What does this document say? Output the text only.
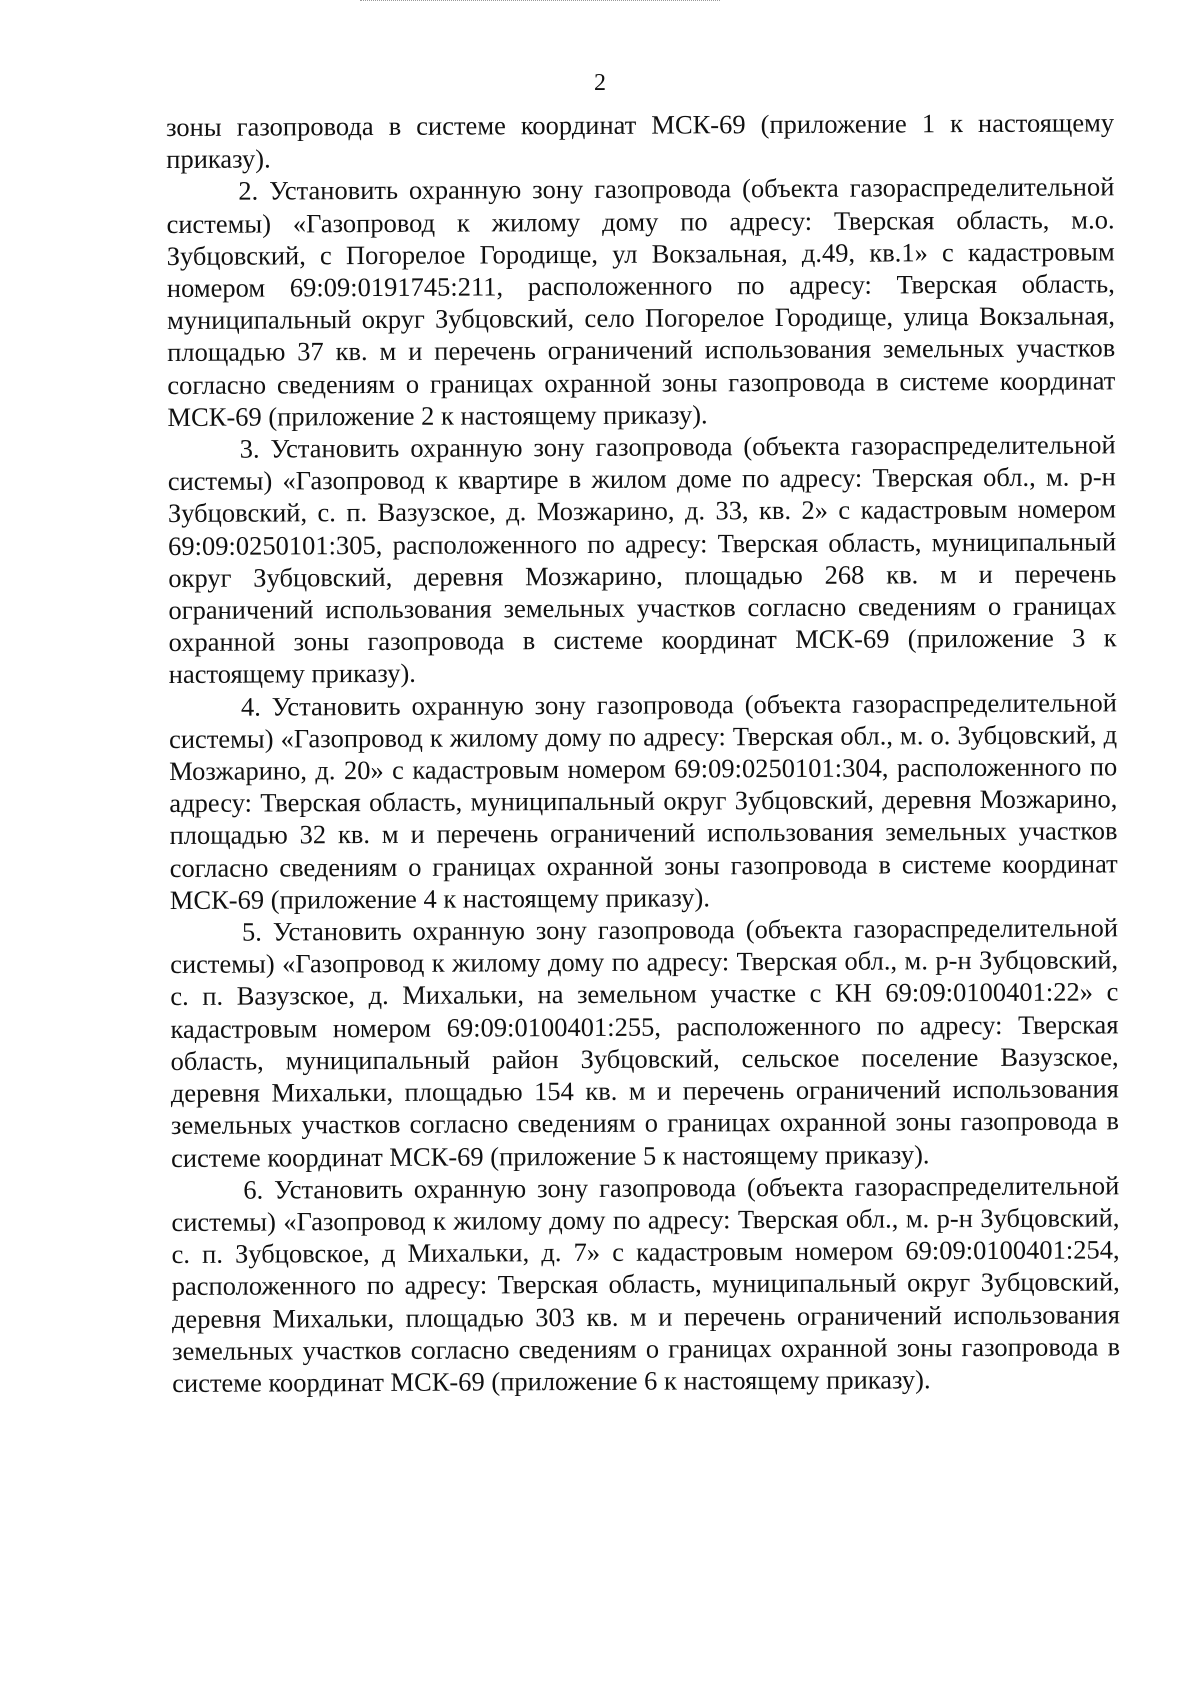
2

зоны газопровода в системе координат МСК-69 (приложение 1 к настоящему приказу).

2. Установить охранную зону газопровода (объекта газораспределительной системы) «Газопровод к жилому дому по адресу: Тверская область, м.о. Зубцовский, с Погорелое Городище, ул Вокзальная, д.49, кв.1» с кадастровым номером 69:09:0191745:211, расположенного по адресу: Тверская область, муниципальный округ Зубцовский, село Погорелое Городище, улица Вокзальная, площадью 37 кв. м и перечень ограничений использования земельных участков согласно сведениям о границах охранной зоны газопровода в системе координат МСК-69 (приложение 2 к настоящему приказу).

3. Установить охранную зону газопровода (объекта газораспределительной системы) «Газопровод к квартире в жилом доме по адресу: Тверская обл., м. р-н Зубцовский, с. п. Вазузское, д. Мозжарино, д. 33, кв. 2» с кадастровым номером 69:09:0250101:305, расположенного по адресу: Тверская область, муниципальный округ Зубцовский, деревня Мозжарино, площадью 268 кв. м и перечень ограничений использования земельных участков согласно сведениям о границах охранной зоны газопровода в системе координат МСК-69 (приложение 3 к настоящему приказу).

4. Установить охранную зону газопровода (объекта газораспределительной системы) «Газопровод к жилому дому по адресу: Тверская обл., м. о. Зубцовский, д Мозжарино, д. 20» с кадастровым номером 69:09:0250101:304, расположенного по адресу: Тверская область, муниципальный округ Зубцовский, деревня Мозжарино, площадью 32 кв. м и перечень ограничений использования земельных участков согласно сведениям о границах охранной зоны газопровода в системе координат МСК-69 (приложение 4 к настоящему приказу).

5. Установить охранную зону газопровода (объекта газораспределительной системы) «Газопровод к жилому дому по адресу: Тверская обл., м. р-н Зубцовский, с. п. Вазузское, д. Михальки, на земельном участке с КН 69:09:0100401:22» с кадастровым номером 69:09:0100401:255, расположенного по адресу: Тверская область, муниципальный район Зубцовский, сельское поселение Вазузское, деревня Михальки, площадью 154 кв. м и перечень ограничений использования земельных участков согласно сведениям о границах охранной зоны газопровода в системе координат МСК-69 (приложение 5 к настоящему приказу).

6. Установить охранную зону газопровода (объекта газораспределительной системы) «Газопровод к жилому дому по адресу: Тверская обл., м. р-н Зубцовский, с. п. Зубцовское, д Михальки, д. 7» с кадастровым номером 69:09:0100401:254, расположенного по адресу: Тверская область, муниципальный округ Зубцовский, деревня Михальки, площадью 303 кв. м и перечень ограничений использования земельных участков согласно сведениям о границах охранной зоны газопровода в системе координат МСК-69 (приложение 6 к настоящему приказу).
